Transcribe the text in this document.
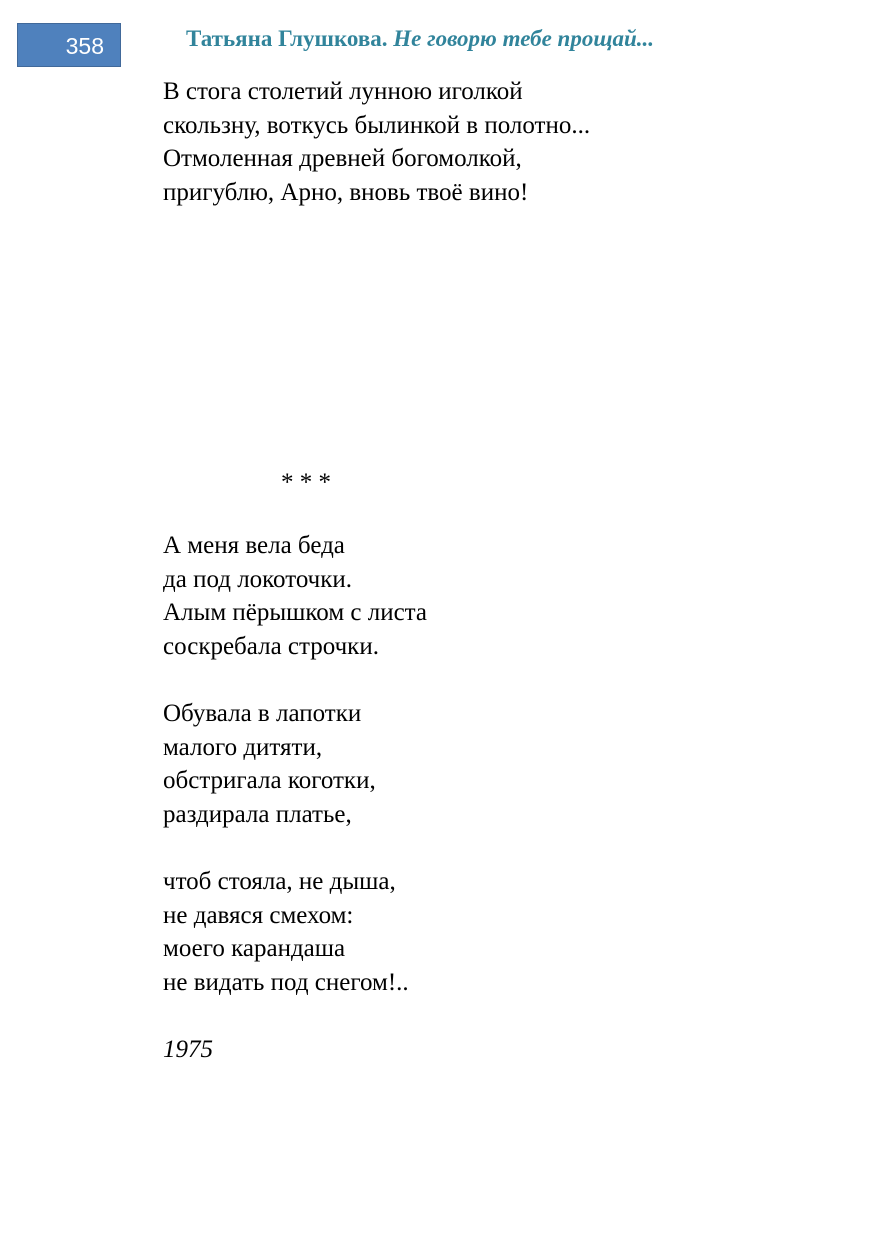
358	Татьяна Глушкова. Не говорю тебе прощай...
В стога столетий лунною иголкой
скользну, воткусь былинкой в полотно...
Отмоленная древней богомолкой,
пригублю, Арно, вновь твоё вино!
* * *
А меня вела беда
да под локоточки.
Алым пёрышком с листа
соскребала строчки.
Обувала в лапотки
малого дитяти,
обстригала коготки,
раздирала платье,
чтоб стояла, не дыша,
не давяся смехом:
моего карандаша
не видать под снегом!..
1975
